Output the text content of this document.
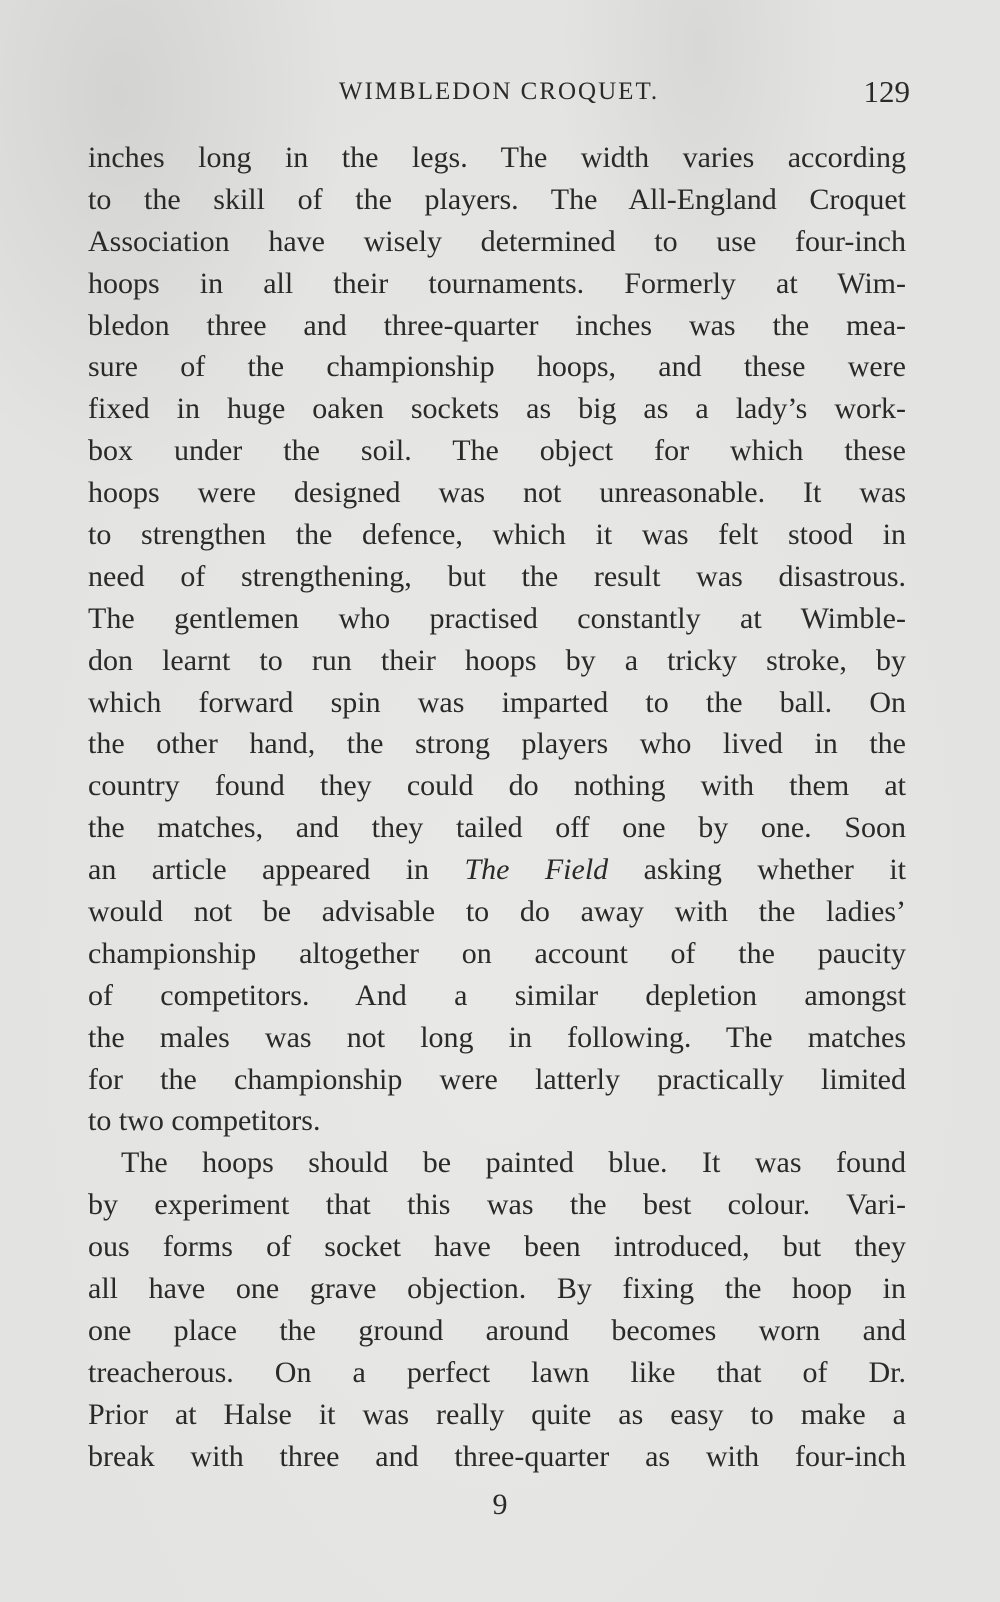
WIMBLEDON CROQUET.	129
inches long in the legs. The width varies according
to the skill of the players. The All-England Croquet
Association have wisely determined to use four-inch
hoops in all their tournaments. Formerly at Wim-
bledon three and three-quarter inches was the mea-
sure of the championship hoops, and these were
fixed in huge oaken sockets as big as a lady’s work-
box under the soil. The object for which these
hoops were designed was not unreasonable. It was
to strengthen the defence, which it was felt stood in
need of strengthening, but the result was disastrous.
The gentlemen who practised constantly at Wimble-
don learnt to run their hoops by a tricky stroke, by
which forward spin was imparted to the ball. On
the other hand, the strong players who lived in the
country found they could do nothing with them at
the matches, and they tailed off one by one. Soon
an article appeared in The Field asking whether it
would not be advisable to do away with the ladies’
championship altogether on account of the paucity
of competitors. And a similar depletion amongst
the males was not long in following. The matches
for the championship were latterly practically limited
to two competitors.
The hoops should be painted blue. It was found
by experiment that this was the best colour. Vari-
ous forms of socket have been introduced, but they
all have one grave objection. By fixing the hoop in
one place the ground around becomes worn and
treacherous. On a perfect lawn like that of Dr.
Prior at Halse it was really quite as easy to make a
break with three and three-quarter as with four-inch
9
